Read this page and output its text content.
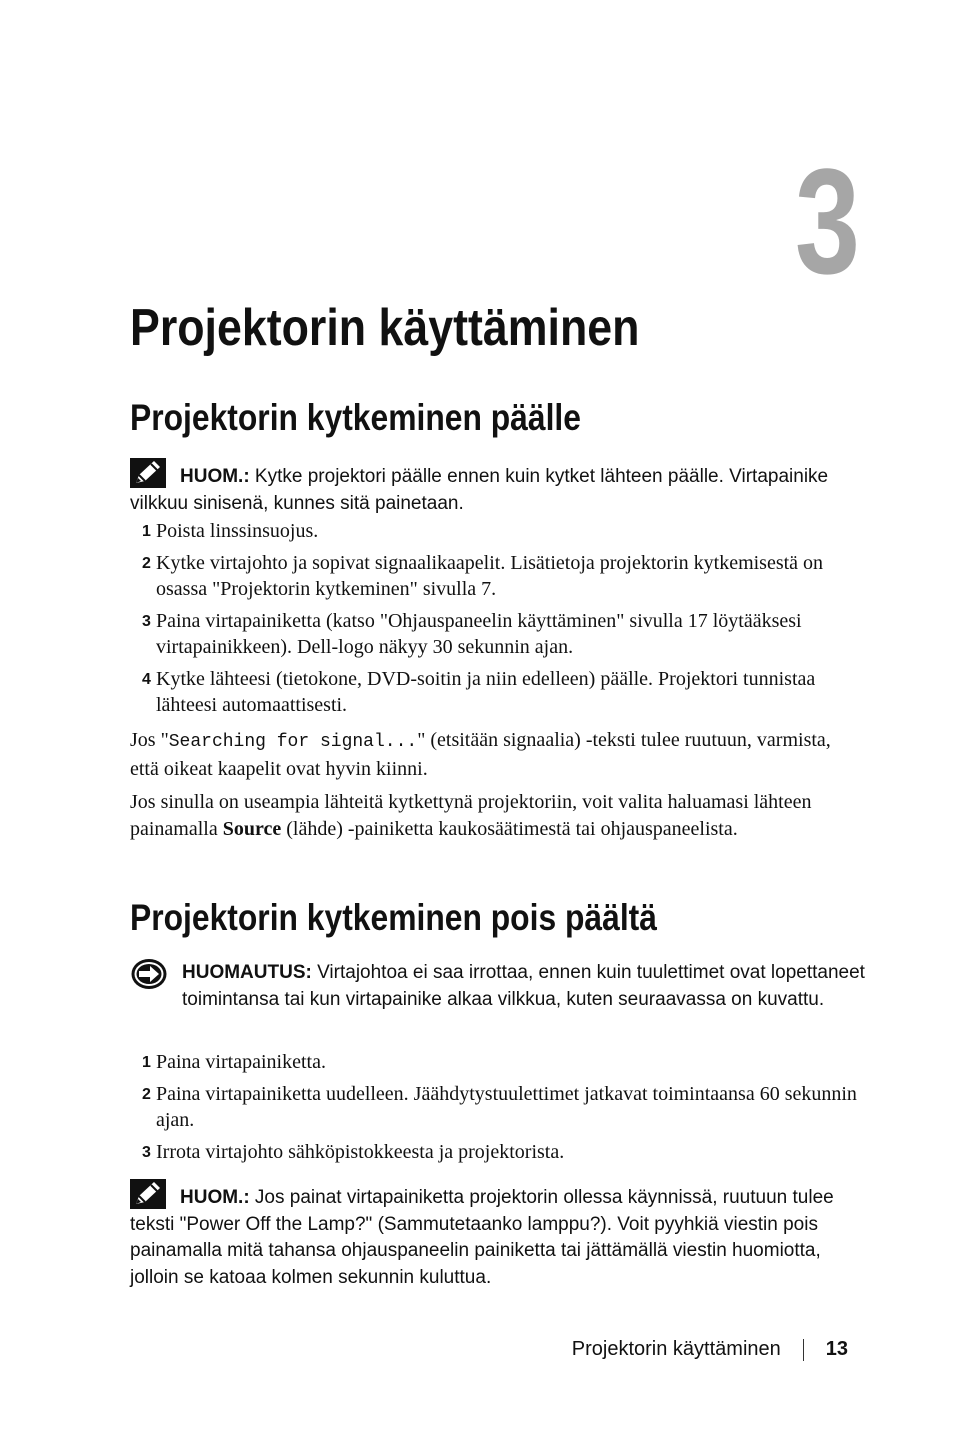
3
Projektorin käyttäminen
Projektorin kytkeminen päälle
HUOM.: Kytke projektori päälle ennen kuin kytket lähteen päälle. Virtapainike vilkkuu sinisenä, kunnes sitä painetaan.
1 Poista linssinsuojus.
2 Kytke virtajohto ja sopivat signaalikaapelit. Lisätietoja projektorin kytkemisestä on osassa "Projektorin kytkeminen" sivulla 7.
3 Paina virtapainiketta (katso "Ohjauspaneelin käyttäminen" sivulla 17 löytääksesi virtapainikkeen). Dell-logo näkyy 30 sekunnin ajan.
4 Kytke lähteesi (tietokone, DVD-soitin ja niin edelleen) päälle. Projektori tunnistaa lähteesi automaattisesti.

Jos "Searching for signal..." (etsitään signaalia) -teksti tulee ruutuun, varmista, että oikeat kaapelit ovat hyvin kiinni.

Jos sinulla on useampia lähteitä kytkettynä projektoriin, voit valita haluamasi lähteen painamalla Source (lähde) -painiketta kaukosäätimestä tai ohjauspaneelista.

Projektorin kytkeminen pois päältä
HUOMAUTUS: Virtajohtoa ei saa irrottaa, ennen kuin tuulettimet ovat lopettaneet toimintansa tai kun virtapainike alkaa vilkkua, kuten seuraavassa on kuvattu.
1 Paina virtapainiketta.
2 Paina virtapainiketta uudelleen. Jäähdytystuulettimet jatkavat toimintaansa 60 sekunnin ajan.
3 Irrota virtajohto sähköpistokkeesta ja projektorista.
HUOM.: Jos painat virtapainiketta projektorin ollessa käynnissä, ruutuun tulee teksti "Power Off the Lamp?" (Sammutetaanko lamppu?). Voit pyyhkiä viestin pois painamalla mitä tahansa ohjauspaneelin painiketta tai jättämällä viestin huomiotta, jolloin se katoaa kolmen sekunnin kuluttua.
Projektorin käyttäminen 13
